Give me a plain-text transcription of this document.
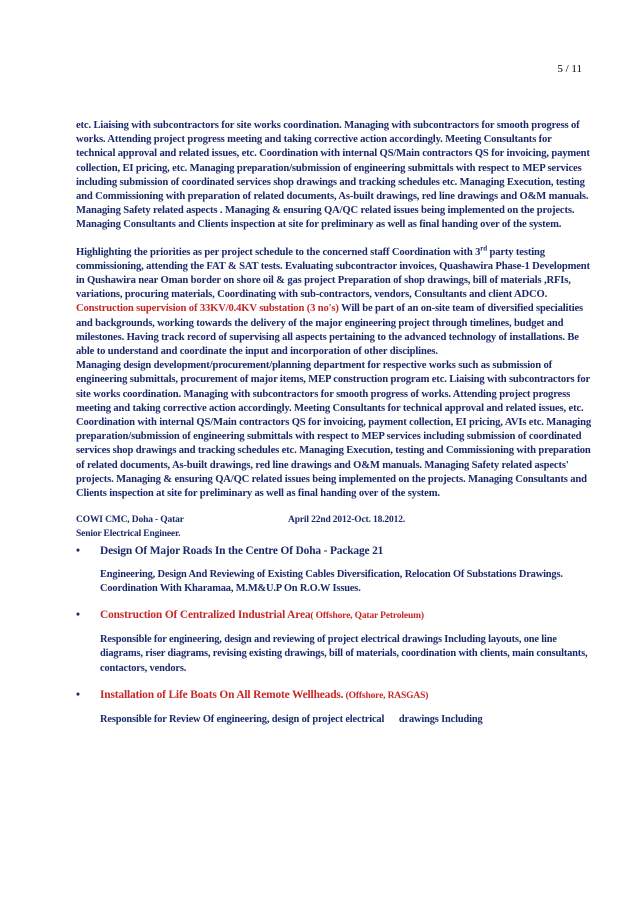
5 / 11

etc. Liaising with subcontractors for site works coordination. Managing with subcontractors for smooth progress of works. Attending project progress meeting and taking corrective action accordingly. Meeting Consultants for technical approval and related issues, etc. Coordination with internal QS/Main contractors QS for invoicing, payment collection, EI pricing, etc. Managing preparation/submission of engineering submittals with respect to MEP services including submission of coordinated services shop drawings and tracking schedules etc. Managing Execution, testing and Commissioning with preparation of related documents, As-built drawings, red line drawings and O&M manuals. Managing Safety related aspects . Managing & ensuring QA/QC related issues being implemented on the projects. Managing Consultants and Clients inspection at site for preliminary as well as final handing over of the system.

Highlighting the priorities as per project schedule to the concerned staff Coordination with 3rd party testing commissioning, attending the FAT & SAT tests. Evaluating subcontractor invoices, Quashawira Phase-1 Development in Qushawira near Oman border on shore oil & gas project Preparation of shop drawings, bill of materials ,RFIs, variations, procuring materials, Coordinating with sub-contractors, vendors, Consultants and client ADCO. Construction supervision of 33KV/0.4KV substation (3 no's) Will be part of an on-site team of diversified specialities and backgrounds, working towards the delivery of the major engineering project through timelines, budget and milestones. Having track record of supervising all aspects pertaining to the advanced technology of installations. Be able to understand and coordinate the input and incorporation of other disciplines.
Managing design development/procurement/planning department for respective works such as submission of engineering submittals, procurement of major items, MEP construction program etc. Liaising with subcontractors for site works coordination. Managing with subcontractors for smooth progress of works. Attending project progress meeting and taking corrective action accordingly. Meeting Consultants for technical approval and related issues, etc. Coordination with internal QS/Main contractors QS for invoicing, payment collection, EI pricing, AVIs etc. Managing preparation/submission of engineering submittals with respect to MEP services including submission of coordinated services shop drawings and tracking schedules etc. Managing Execution, testing and Commissioning with preparation of related documents, As-built drawings, red line drawings and O&M manuals. Managing Safety related aspects' projects. Managing & ensuring QA/QC related issues being implemented on the projects. Managing Consultants and Clients inspection at site for preliminary as well as final handing over of the system.

COWI CMC, Doha - Qatar	April 22nd 2012-Oct. 18.2012.
Senior Electrical Engineer.
•	Design Of Major Roads In the Centre Of Doha - Package 21
Engineering, Design And Reviewing of Existing Cables Diversification, Relocation Of Substations Drawings. Coordination With Kharamaa, M.M&U.P On R.O.W Issues.
•	Construction Of Centralized Industrial Area( Offshore, Qatar Petroleum)
Responsible for engineering, design and reviewing of project electrical drawings Including layouts, one line diagrams, riser diagrams, revising existing drawings, bill of materials, coordination with clients, main consultants, contactors, vendors.
•	Installation of Life Boats On All Remote Wellheads. (Offshore, RASGAS)
Responsible for Review Of engineering, design of project electrical      drawings Including
